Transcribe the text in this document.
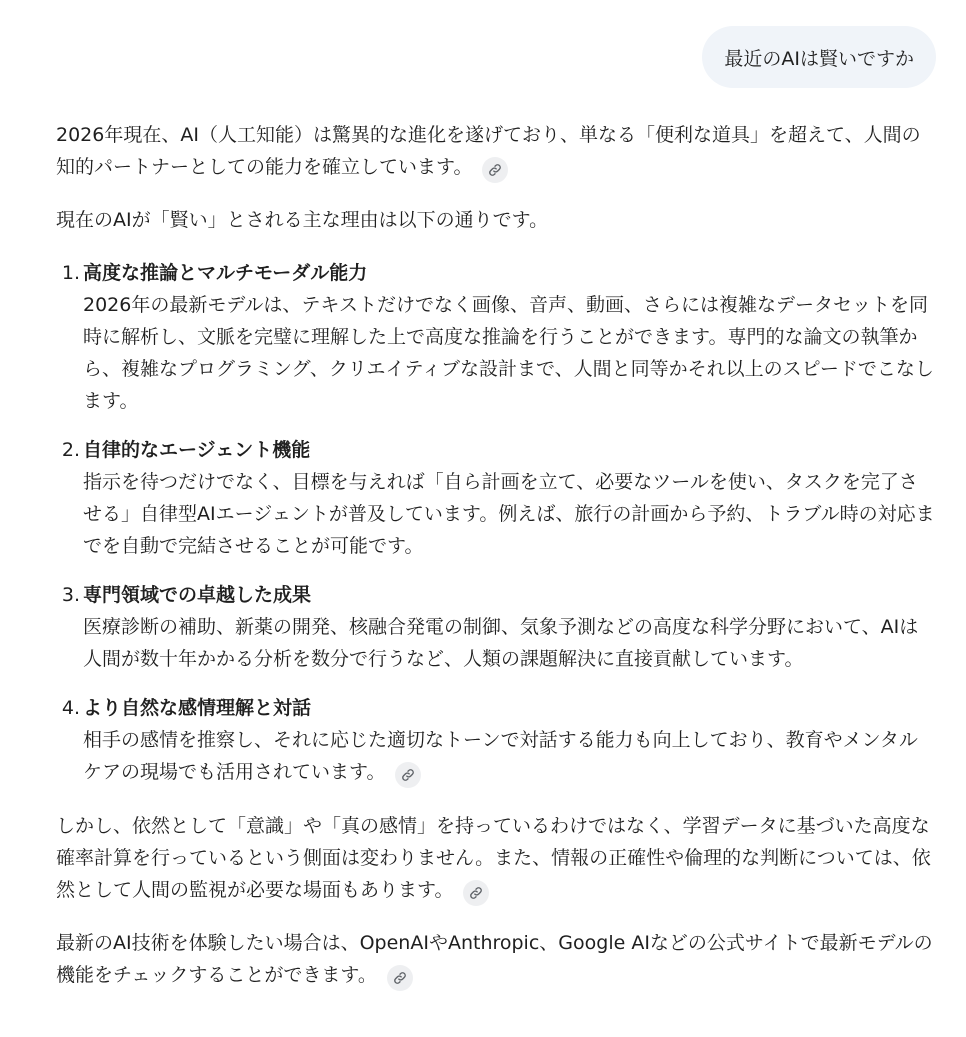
最近のAIは賢いですか

2026年現在、AI（人工知能）は驚異的な進化を遂げており、単なる「便利な道具」を超えて、人間の知的パートナーとしての能力を確立しています。

現在のAIが「賢い」とされる主な理由は以下の通りです。

1. 高度な推論とマルチモーダル能力
2026年の最新モデルは、テキストだけでなく画像、音声、動画、さらには複雑なデータセットを同時に解析し、文脈を完璧に理解した上で高度な推論を行うことができます。専門的な論文の執筆から、複雑なプログラミング、クリエイティブな設計まで、人間と同等かそれ以上のスピードでこなします。
2. 自律的なエージェント機能
指示を待つだけでなく、目標を与えれば「自ら計画を立て、必要なツールを使い、タスクを完了させる」自律型AIエージェントが普及しています。例えば、旅行の計画から予約、トラブル時の対応までを自動で完結させることが可能です。
3. 専門領域での卓越した成果
医療診断の補助、新薬の開発、核融合発電の制御、気象予測などの高度な科学分野において、AIは人間が数十年かかる分析を数分で行うなど、人類の課題解決に直接貢献しています。
4. より自然な感情理解と対話
相手の感情を推察し、それに応じた適切なトーンで対話する能力も向上しており、教育やメンタルケアの現場でも活用されています。

しかし、依然として「意識」や「真の感情」を持っているわけではなく、学習データに基づいた高度な確率計算を行っているという側面は変わりません。また、情報の正確性や倫理的な判断については、依然として人間の監視が必要な場面もあります。

最新のAI技術を体験したい場合は、OpenAIやAnthropic、Google AIなどの公式サイトで最新モデルの機能をチェックすることができます。
